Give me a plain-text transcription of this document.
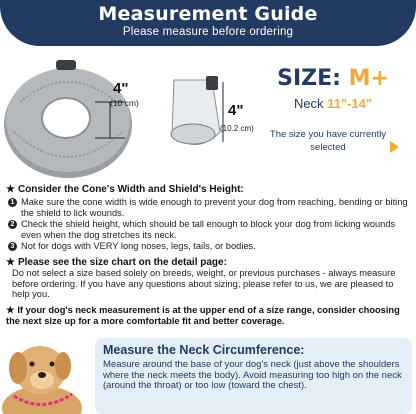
Measurement Guide
Please measure before ordering
4"
(10 cm)	4"
(10.2 cm)
SIZE: M+
Neck 11"-14"
The size you have currently selected
★ Consider the Cone's Width and Shield's Height:
1 Make sure the cone width is wide enough to prevent your dog from reaching, bending or biting the shield to lick wounds.
2 Check the shield height, which should be tall enough to block your dog from licking wounds even when the dog stretches its neck.
3 Not for dogs with VERY long noses, legs, tails, or bodies.
★ Please see the size chart on the detail page:
Do not select a size based solely on breeds, weight, or previous purchases - always measure before ordering. If you have any questions about sizing, please refer to us, we are pleased to help you.
★ If your dog's neck measurement is at the upper end of a size range, consider choosing the next size up for a more comfortable fit and better coverage.
Measure the Neck Circumference:
Measure around the base of your dog's neck (just above the shoulders where the neck meets the body). Avoid measuring too high on the neck (around the throat) or too low (toward the chest).
